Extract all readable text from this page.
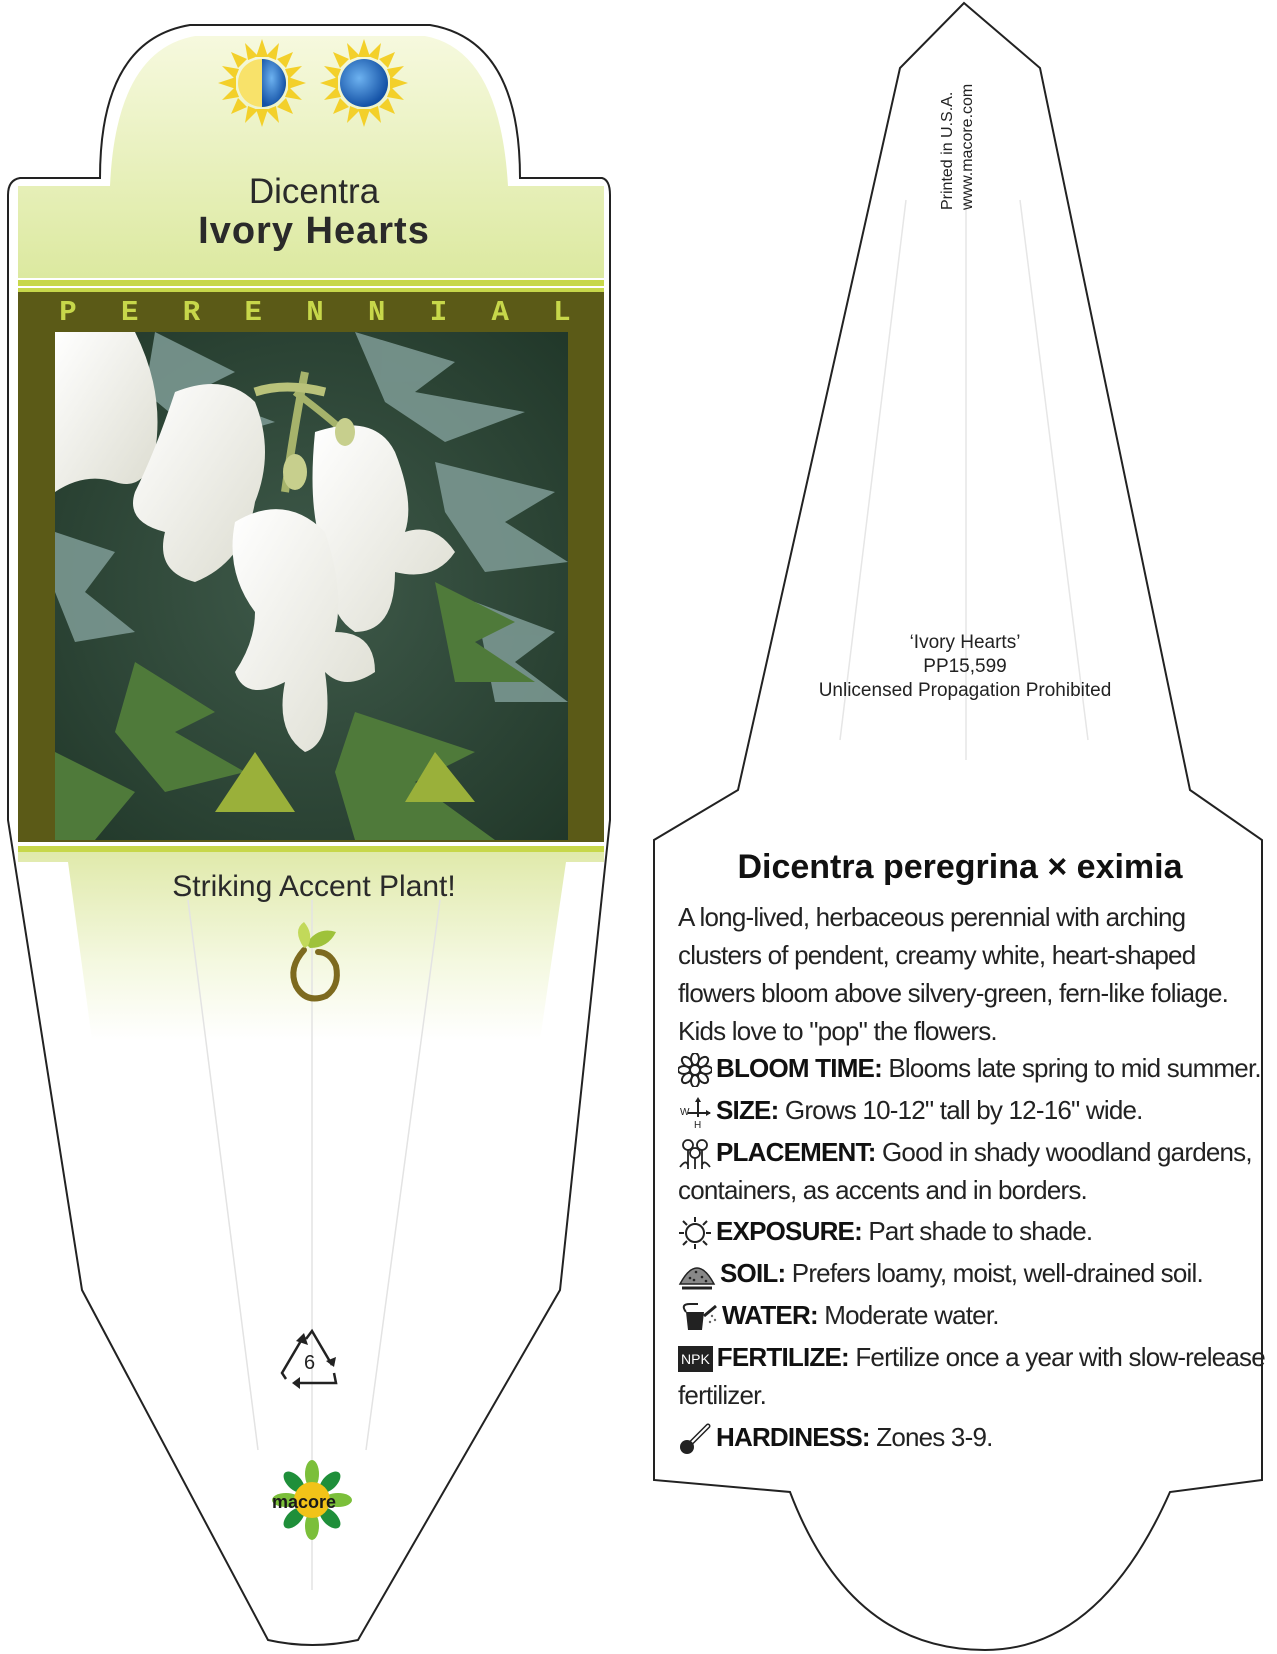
Dicentra
Ivory Hearts
P E R E N N I A L
Striking Accent Plant!
6
macore
Printed in U.S.A. www.macore.com
‘Ivory Hearts’
PP15,599
Unlicensed Propagation Prohibited
Dicentra peregrina × eximia
A long-lived, herbaceous perennial with arching clusters of pendent, creamy white, heart-shaped flowers bloom above silvery-green, fern-like foliage. Kids love to "pop" the flowers.
BLOOM TIME: Blooms late spring to mid summer.
W
H
SIZE: Grows 10-12" tall by 12-16" wide.
PLACEMENT: Good in shady woodland gardens, containers, as accents and in borders.
EXPOSURE: Part shade to shade.
SOIL: Prefers loamy, moist, well-drained soil.
WATER: Moderate water.
NPK FERTILIZE: Fertilize once a year with slow-release fertilizer.
HARDINESS: Zones 3-9.
